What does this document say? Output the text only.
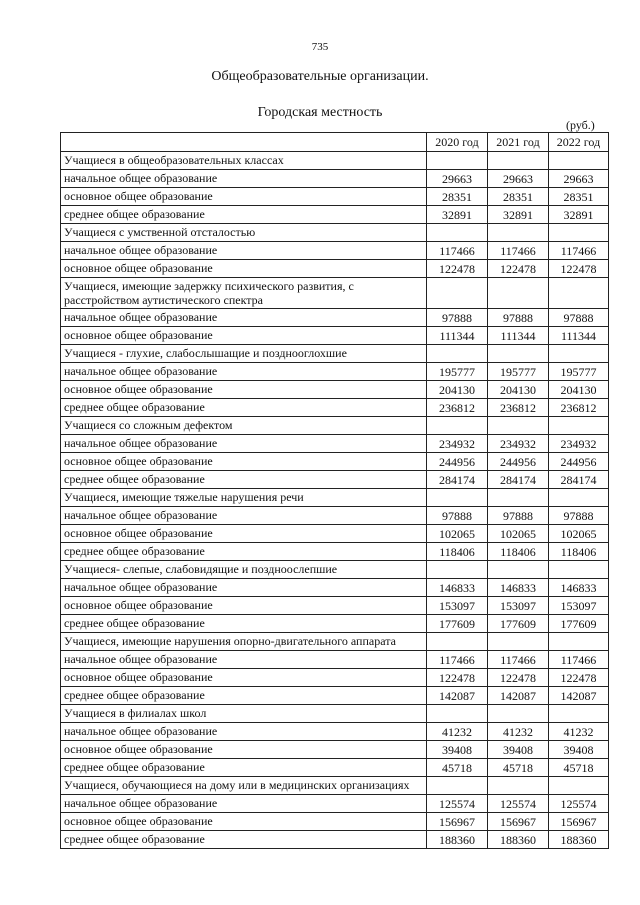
735
Общеобразовательные организации.
Городская местность
(руб.)
	2020 год	2021 год	2022 год
Учащиеся в общеобразовательных классах			
начальное общее образование	29663	29663	29663
основное общее образование	28351	28351	28351
среднее общее образование	32891	32891	32891
Учащиеся с умственной отсталостью			
начальное общее образование	117466	117466	117466
основное общее образование	122478	122478	122478
Учащиеся, имеющие задержку психического развития, с расстройством аутистического спектра			
начальное общее образование	97888	97888	97888
основное общее образование	111344	111344	111344
Учащиеся - глухие, слабослышащие и позднооглохшие			
начальное общее образование	195777	195777	195777
основное общее образование	204130	204130	204130
среднее общее образование	236812	236812	236812
Учащиеся со сложным дефектом			
начальное общее образование	234932	234932	234932
основное общее образование	244956	244956	244956
среднее общее образование	284174	284174	284174
Учащиеся, имеющие тяжелые нарушения речи			
начальное общее образование	97888	97888	97888
основное общее образование	102065	102065	102065
среднее общее образование	118406	118406	118406
Учащиеся- слепые, слабовидящие и поздноослепшие			
начальное общее образование	146833	146833	146833
основное общее образование	153097	153097	153097
среднее общее образование	177609	177609	177609
Учащиеся, имеющие нарушения опорно-двигательного аппарата			
начальное общее образование	117466	117466	117466
основное общее образование	122478	122478	122478
среднее общее образование	142087	142087	142087
Учащиеся в филиалах школ			
начальное общее образование	41232	41232	41232
основное общее образование	39408	39408	39408
среднее общее образование	45718	45718	45718
Учащиеся, обучающиеся на дому или в медицинских организациях			
начальное общее образование	125574	125574	125574
основное общее образование	156967	156967	156967
среднее общее образование	188360	188360	188360
